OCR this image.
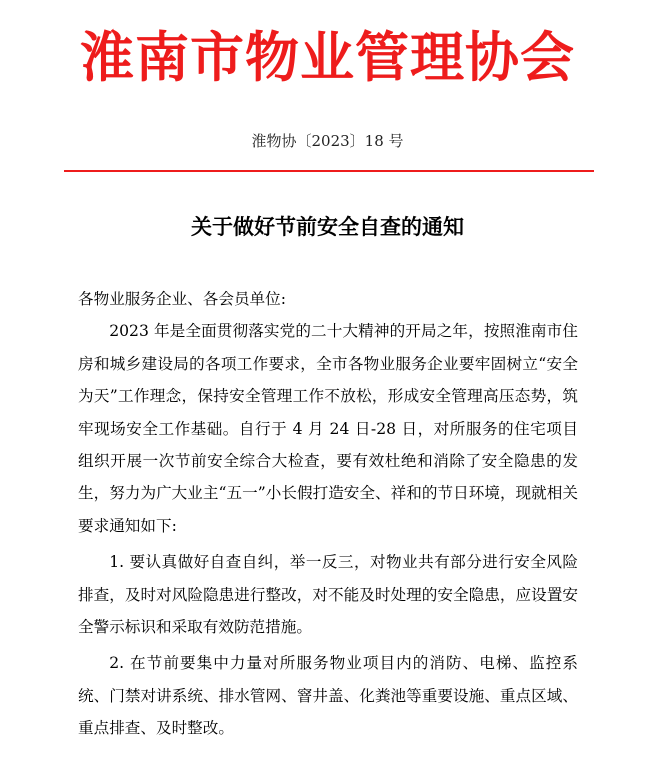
淮南市物业管理协会
淮物协〔2023〕18 号
关于做好节前安全自查的通知

各物业服务企业、各会员单位:

2023 年是全面贯彻落实党的二十大精神的开局之年，按照淮南市住房和城乡建设局的各项工作要求，全市各物业服务企业要牢固树立“安全为天”工作理念，保持安全管理工作不放松，形成安全管理高压态势，筑牢现场安全工作基础。自行于 4 月 24 日-28 日，对所服务的住宅项目组织开展一次节前安全综合大检查，要有效杜绝和消除了安全隐患的发生，努力为广大业主“五一”小长假打造安全、祥和的节日环境，现就相关要求通知如下:

1. 要认真做好自查自纠，举一反三，对物业共有部分进行安全风险排查，及时对风险隐患进行整改，对不能及时处理的安全隐患，应设置安全警示标识和采取有效防范措施。

2. 在节前要集中力量对所服务物业项目内的消防、电梯、监控系统、门禁对讲系统、排水管网、窨井盖、化粪池等重要设施、重点区域、重点排查、及时整改。
